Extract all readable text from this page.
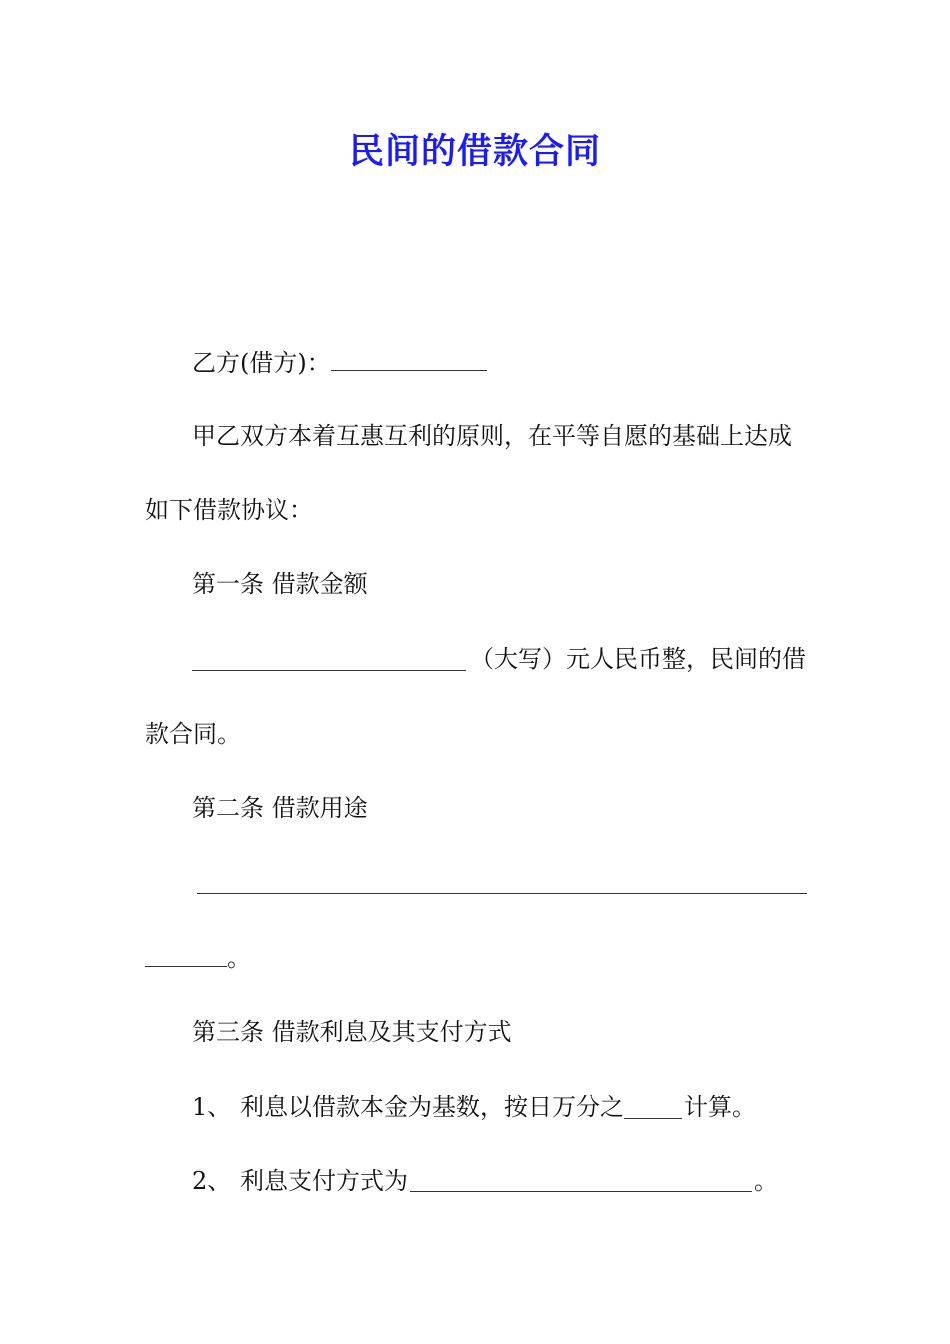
民间的借款合同
乙方(借方)：
甲乙双方本着互惠互利的原则，在平等自愿的基础上达成
如下借款协议：
第一条 借款金额
（大写）元人民币整，民间的借
款合同。
第二条 借款用途
。
第三条 借款利息及其支付方式
1、 利息以借款本金为基数，按日万分之	计算。
2、 利息支付方式为	。
